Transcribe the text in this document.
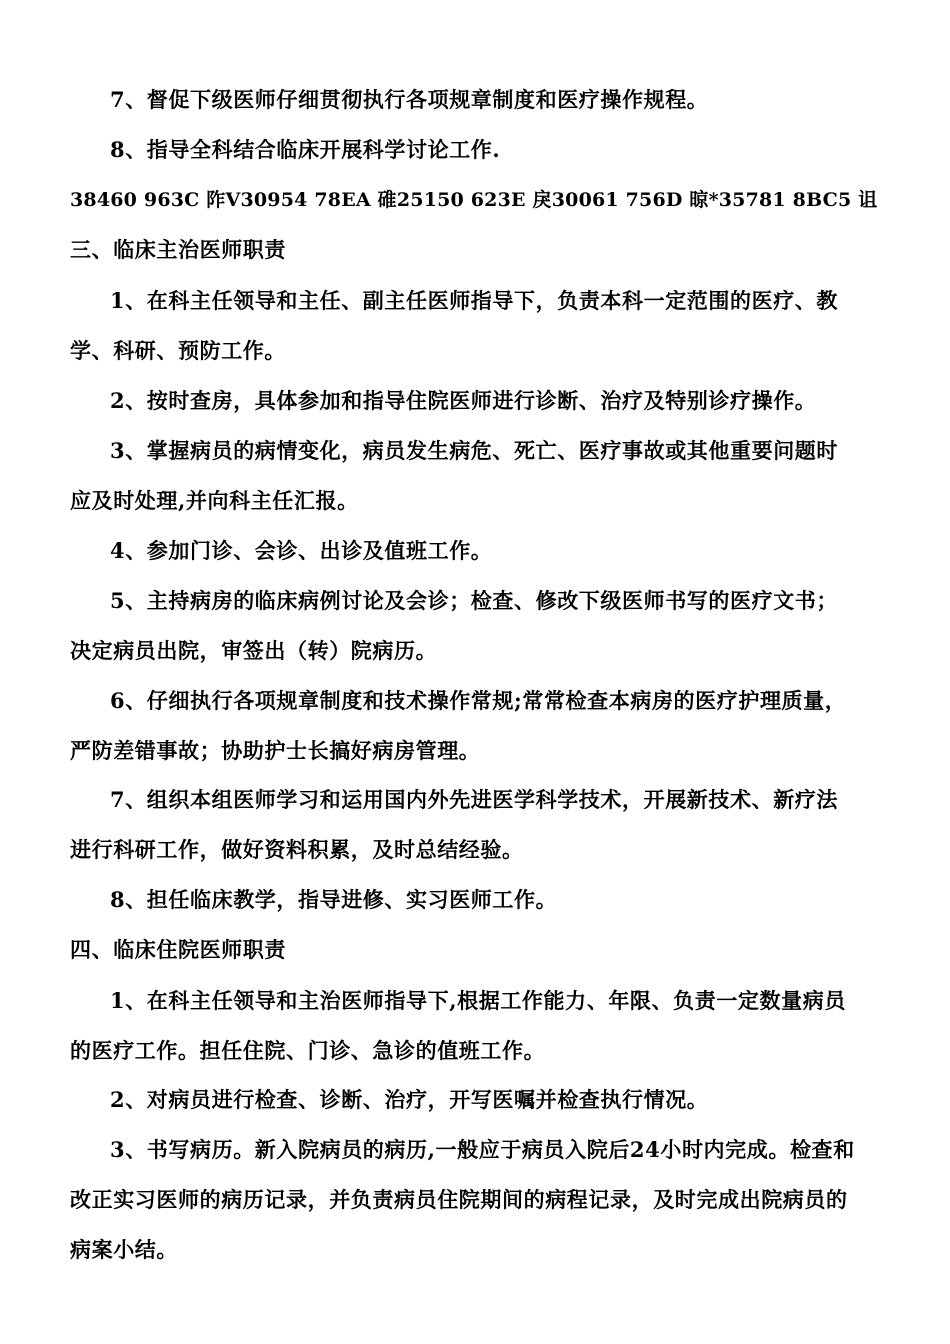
7、督促下级医师仔细贯彻执行各项规章制度和医疗操作规程。
8、指导全科结合临床开展科学讨论工作.
38460 963C 阼V30954 78EA 碓25150 623E 戾30061 756D 晾*35781 8BC5 诅
三、临床主治医师职责
1、在科主任领导和主任、副主任医师指导下，负责本科一定范围的医疗、教
学、科研、预防工作。
2、按时查房，具体参加和指导住院医师进行诊断、治疗及特别诊疗操作。
3、掌握病员的病情变化，病员发生病危、死亡、医疗事故或其他重要问题时
应及时处理,并向科主任汇报。
4、参加门诊、会诊、出诊及值班工作。
5、主持病房的临床病例讨论及会诊；检查、修改下级医师书写的医疗文书；
决定病员出院，审签出（转）院病历。
6、仔细执行各项规章制度和技术操作常规;常常检查本病房的医疗护理质量，
严防差错事故；协助护士长搞好病房管理。
7、组织本组医师学习和运用国内外先进医学科学技术，开展新技术、新疗法
进行科研工作，做好资料积累，及时总结经验。
8、担任临床教学，指导进修、实习医师工作。
四、临床住院医师职责
1、在科主任领导和主治医师指导下,根据工作能力、年限、负责一定数量病员
的医疗工作。担任住院、门诊、急诊的值班工作。
2、对病员进行检查、诊断、治疗，开写医嘱并检查执行情况。
3、书写病历。新入院病员的病历,一般应于病员入院后24小时内完成。检查和
改正实习医师的病历记录，并负责病员住院期间的病程记录，及时完成出院病员的
病案小结。
